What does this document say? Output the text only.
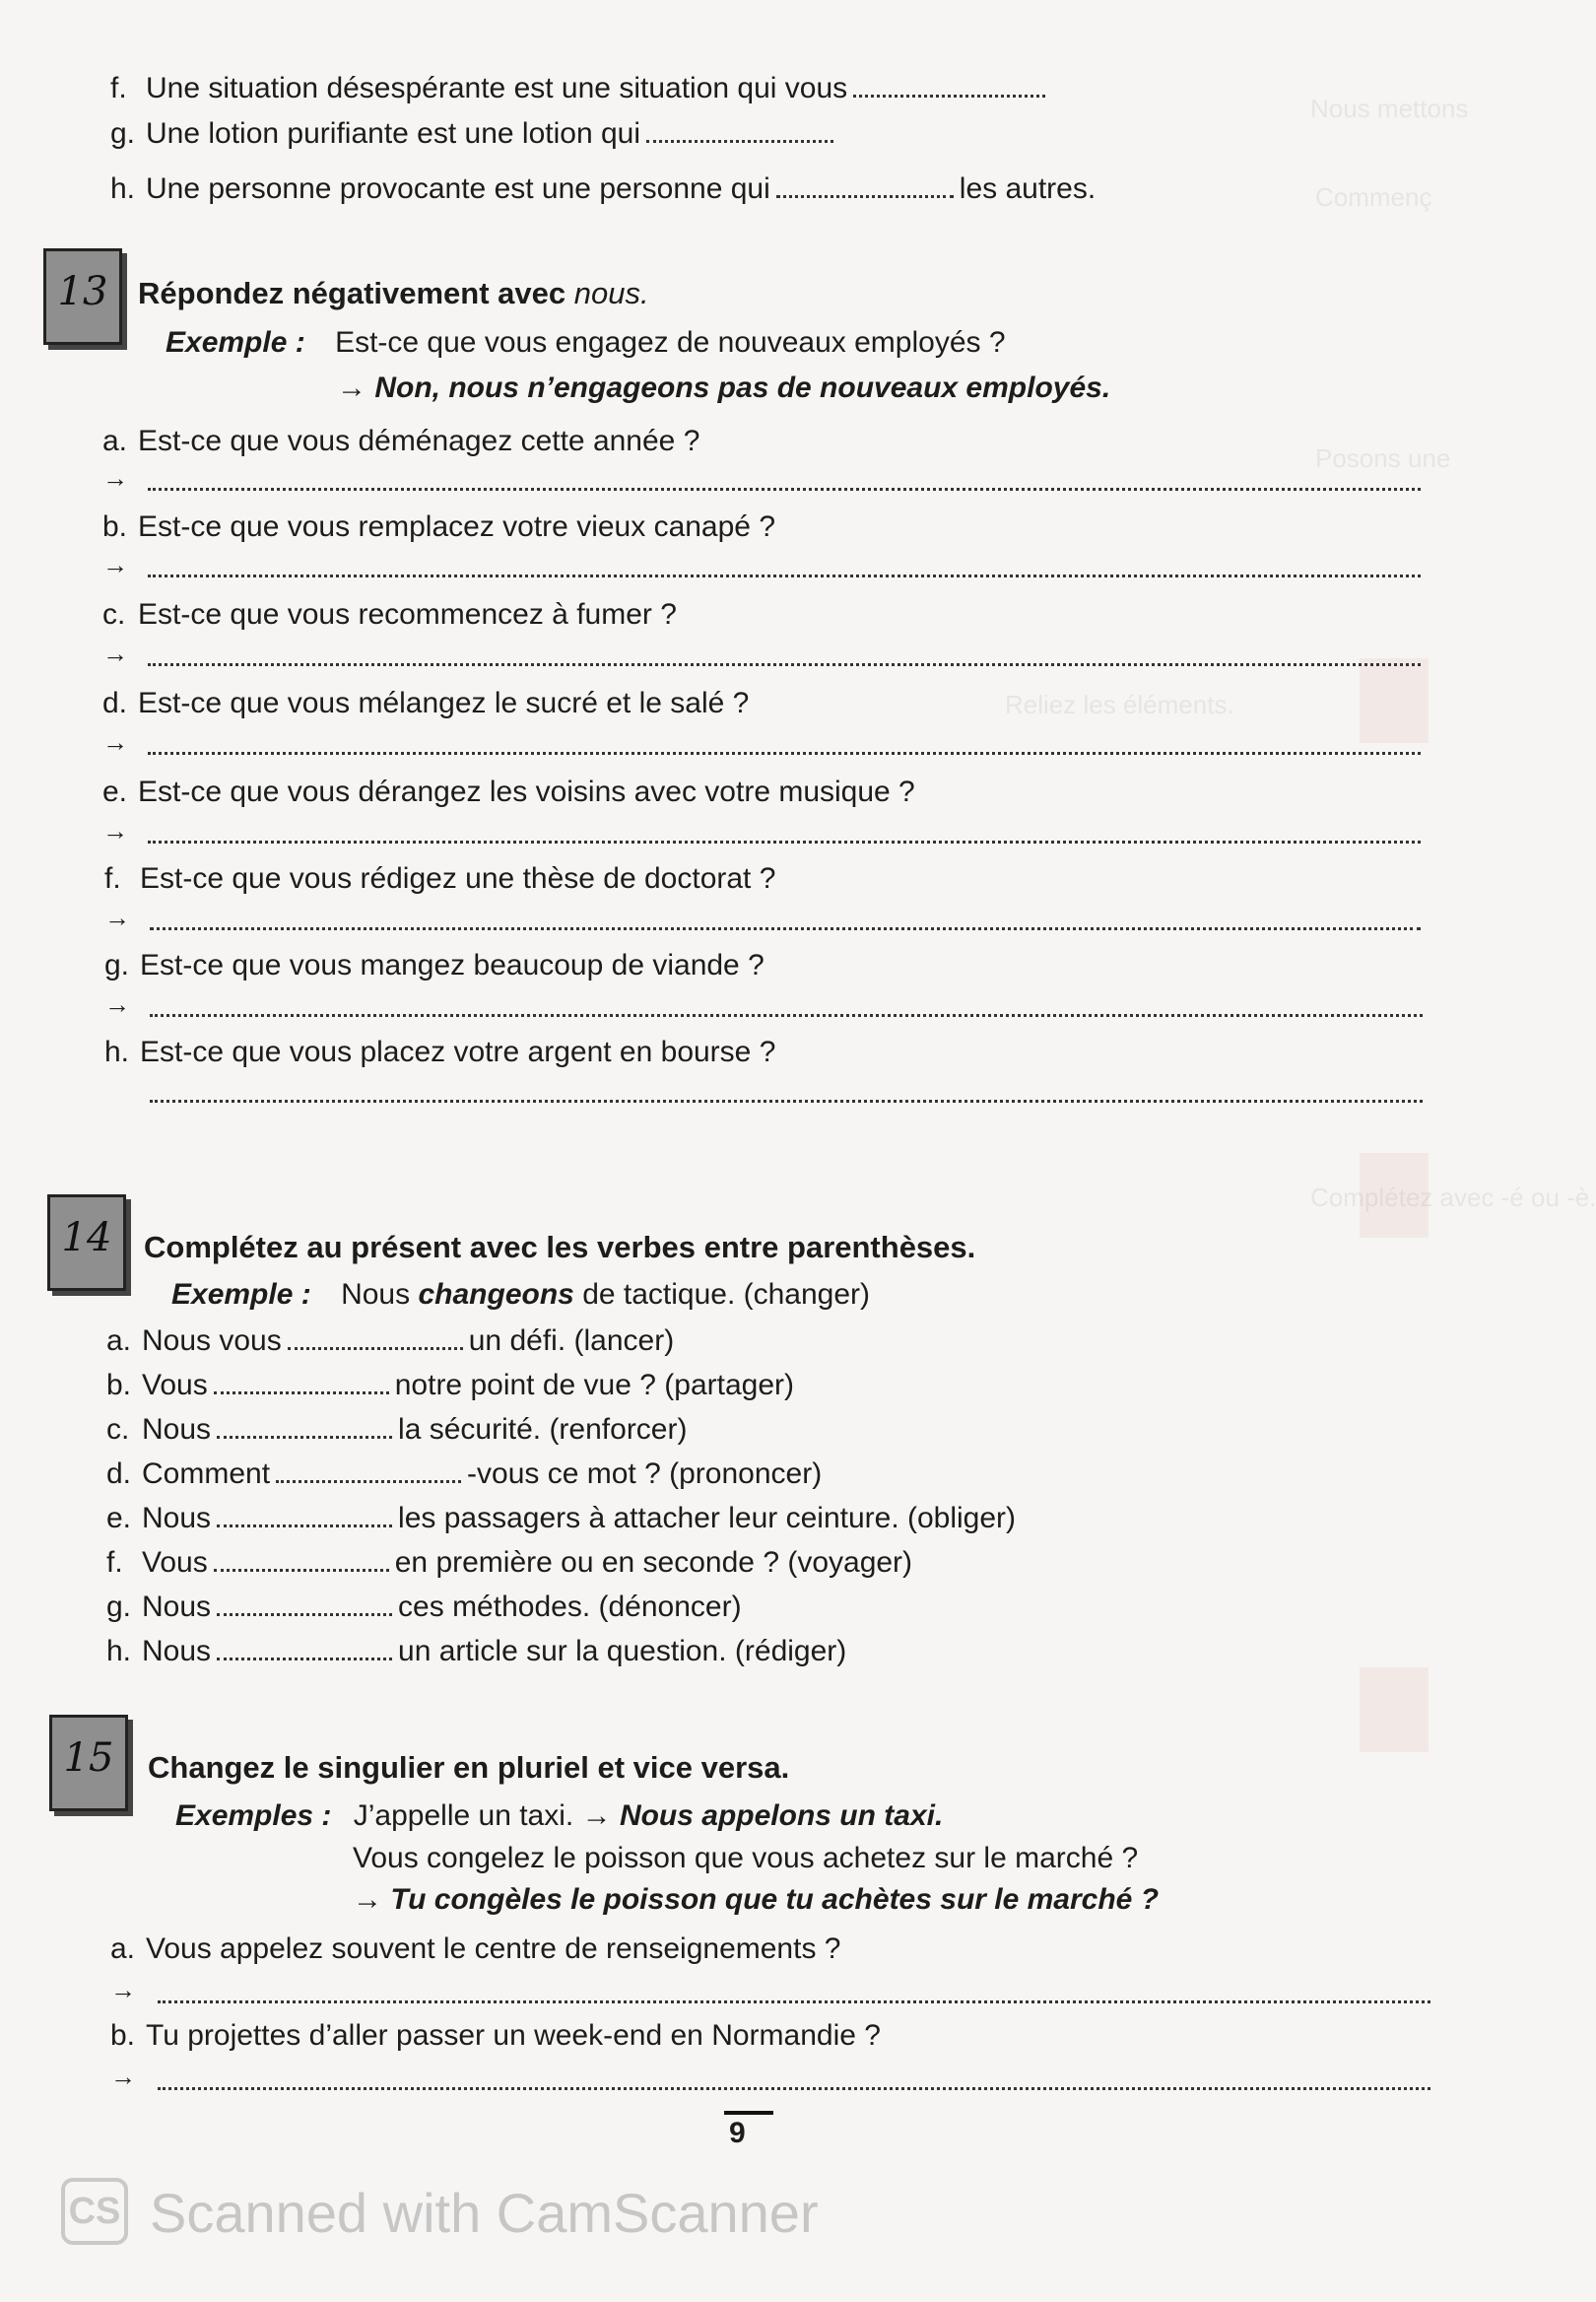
Nous mettons
Commenç
Posons une
Reliez les éléments.
Complétez avec -é ou -è.
f. Une situation désespérante est une situation qui vous
g. Une lotion purifiante est une lotion qui
h. Une personne provocante est une personne qui	les autres.
13 Répondez négativement avec nous.
Exemple : Est-ce que vous engagez de nouveaux employés ?
→ Non, nous n’engageons pas de nouveaux employés.
a. Est-ce que vous déménagez cette année ?
→
b. Est-ce que vous remplacez votre vieux canapé ?
→
c. Est-ce que vous recommencez à fumer ?
→
d. Est-ce que vous mélangez le sucré et le salé ?
→
e. Est-ce que vous dérangez les voisins avec votre musique ?
→
f. Est-ce que vous rédigez une thèse de doctorat ?
→
g. Est-ce que vous mangez beaucoup de viande ?
→
h. Est-ce que vous placez votre argent en bourse ?
14	Complétez au présent avec les verbes entre parenthèses.
Exemple : Nous changeons de tactique. (changer)
a. Nous vous	un défi. (lancer)
b. Vous	notre point de vue ? (partager)
c. Nous	la sécurité. (renforcer)
d. Comment	-vous ce mot ? (prononcer)
e. Nous	les passagers à attacher leur ceinture. (obliger)
f. Vous	en première ou en seconde ? (voyager)
g. Nous	ces méthodes. (dénoncer)
h. Nous	un article sur la question. (rédiger)
15	Changez le singulier en pluriel et vice versa.
Exemples : J’appelle un taxi. → Nous appelons un taxi.
Vous congelez le poisson que vous achetez sur le marché ?
→ Tu congèles le poisson que tu achètes sur le marché ?
a. Vous appelez souvent le centre de renseignements ?
→
b. Tu projettes d’aller passer un week-end en Normandie ?
→
9
CS Scanned with CamScanner
